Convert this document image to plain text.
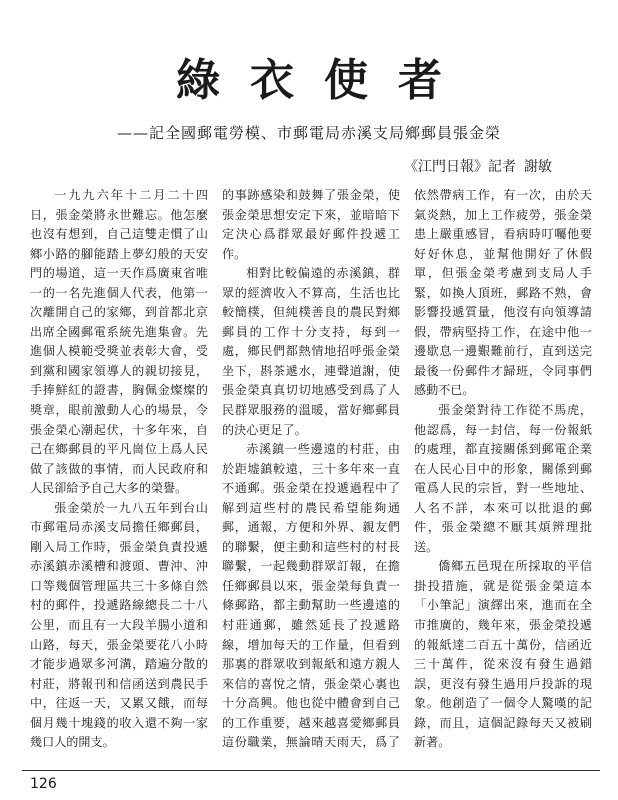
綠衣使者
——記全國郵電勞模、市郵電局赤溪支局鄉郵員張金榮
《江門日報》記者 謝敏

一九九六年十二月二十四日，張金榮將永世難忘。他怎麼也沒有想到，自己這雙走慣了山鄉小路的腳能踏上夢幻般的天安門的場道，這一天作爲廣東省唯一的一名先進個人代表，他第一次離開自己的家鄉，到首都北京出席全國郵電系統先進集會。先進個人模範受獎並表彰大會，受到黨和國家領導人的親切接見，手捧鮮紅的證書，胸佩金燦燦的獎章，眼前激動人心的場景，令張金榮心潮起伏，十多年來，自己在鄉郵員的平凡崗位上爲人民做了該做的事情，而人民政府和人民卻給予自己大多的榮譽。

張金榮於一九八五年到台山市郵電局赤溪支局擔任鄉郵員，剛入局工作時，張金榮負責投遞赤溪鎮赤溪槽和渡頭、曹沖、沖口等幾個管理區共三十多條自然村的郵件，投遞路線總長二十八公里，而且有一大段羊腸小道和山路，每天，張金榮要花八小時才能步過眾多河溝，踏遍分散的村莊，將報刊和信函送到農民手中，往返一天，又累又餓，而每個月幾十塊錢的收入還不夠一家幾口人的開支。

的事跡感染和鼓舞了張金榮，使張金榮思想安定下來，並暗暗下定決心爲群眾最好郵件投遞工作。

相對比較偏遠的赤溪鎮，群眾的經濟收入不算高，生活也比較簡樸，但純樸善良的農民對鄉郵員的工作十分支持，每到一處，鄉民們都熱情地招呼張金榮坐下，斟茶遞水，連聲道謝，使張金榮真真切切地感受到爲了人民群眾服務的溫暖，當好鄉郵員的決心更足了。

赤溪鎮一些邊遠的村莊，由於距墟鎮較遠，三十多年來一直不通郵。張金榮在投遞過程中了解到這些村的農民希望能夠通郵，通報，方便和外界、親友們的聯繫，便主動和這些村的村長聯繫，一起幾動群眾訂報，在擔任鄉郵員以來，張金榮每負責一條郵路，都主動幫助一些邊遠的村莊通郵，雖然延長了投遞路線，增加每天的工作量，但看到那裏的群眾收到報紙和遠方親人來信的喜悅之情，張金榮心裏也十分高興。他也從中體會到自己的工作重要，越來越喜愛鄉郵員這份職業，無論晴天雨天，爲了

依然帶病工作，有一次，由於天氣炎熱，加上工作疲勞，張金榮患上嚴重感冒，看病時叮囑他要好好休息，並幫他開好了休假單，但張金榮考慮到支局人手緊，如換人頂班，郵路不熟，會影響投遞質量，他沒有向領導請假，帶病堅持工作，在途中他一邊歇息一邊艱難前行，直到送完最後一份郵件才歸班，令同事們感動不已。

張金榮對待工作從不馬虎，他認爲，每一封信，每一份報紙的處理，都直接關係到郵電企業在人民心目中的形象，關係到郵電爲人民的宗旨，對一些地址、人名不詳，本來可以批退的郵件，張金榮總不厭其煩辨理批送。

僑鄉五邑現在所採取的平信掛投措施，就是從張金榮這本「小筆記」演繹出來，進而在全市推廣的，幾年來，張金榮投遞的報紙達二百五十萬份，信函近三十萬件，從來沒有發生過錯誤，更沒有發生過用戶投訴的現象。他創造了一個令人驚嘆的記錄，而且，這個記錄每天又被刷新著。

126
